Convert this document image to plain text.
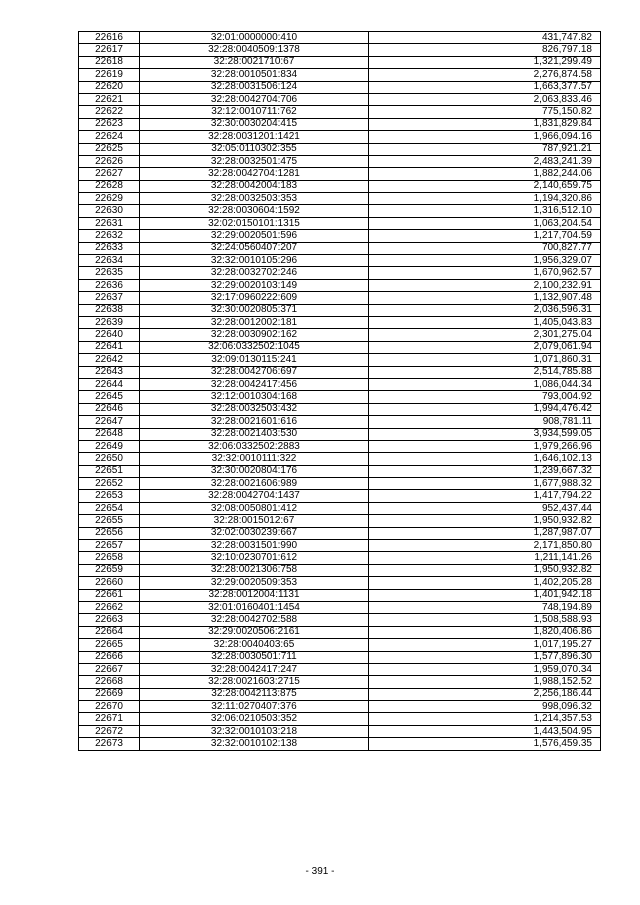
22616	32:01:0000000:410	431,747.82
22617	32:28:0040509:1378	826,797.18
22618	32:28:0021710:67	1,321,299.49
22619	32:28:0010501:834	2,276,874.58
22620	32:28:0031506:124	1,663,377.57
22621	32:28:0042704:706	2,063,833.46
22622	32:12:0010711:762	775,150.82
22623	32:30:0030204:415	1,831,829.84
22624	32:28:0031201:1421	1,966,094.16
22625	32:05:0110302:355	787,921.21
22626	32:28:0032501:475	2,483,241.39
22627	32:28:0042704:1281	1,882,244.06
22628	32:28:0042004:183	2,140,659.75
22629	32:28:0032503:353	1,194,320.86
22630	32:28:0030604:1592	1,316,512.10
22631	32:02:0150101:1315	1,063,204.54
22632	32:29:0020501:596	1,217,704.59
22633	32:24:0560407:207	700,827.77
22634	32:32:0010105:296	1,956,329.07
22635	32:28:0032702:246	1,670,962.57
22636	32:29:0020103:149	2,100,232.91
22637	32:17:0960222:609	1,132,907.48
22638	32:30:0020805:371	2,036,596.31
22639	32:28:0012002:181	1,405,043.83
22640	32:28:0030902:162	2,301,275.04
22641	32:06:0332502:1045	2,079,061.94
22642	32:09:0130115:241	1,071,860.31
22643	32:28:0042706:697	2,514,785.88
22644	32:28:0042417:456	1,086,044.34
22645	32:12:0010304:168	793,004.92
22646	32:28:0032503:432	1,994,476.42
22647	32:28:0021601:616	908,781.11
22648	32:28:0021403:530	3,934,599.05
22649	32:06:0332502:2883	1,979,266.96
22650	32:32:0010111:322	1,646,102.13
22651	32:30:0020804:176	1,239,667.32
22652	32:28:0021606:989	1,677,988.32
22653	32:28:0042704:1437	1,417,794.22
22654	32:08:0050801:412	952,437.44
22655	32:28:0015012:67	1,950,932.82
22656	32:02:0030239:667	1,287,987.07
22657	32:28:0031501:990	2,171,850.80
22658	32:10:0230701:612	1,211,141.26
22659	32:28:0021306:758	1,950,932.82
22660	32:29:0020509:353	1,402,205.28
22661	32:28:0012004:1131	1,401,942.18
22662	32:01:0160401:1454	748,194.89
22663	32:28:0042702:588	1,508,588.93
22664	32:29:0020506:2161	1,820,406.86
22665	32:28:0040403:65	1,017,195.27
22666	32:28:0030501:711	1,577,896.30
22667	32:28:0042417:247	1,959,070.34
22668	32:28:0021603:2715	1,988,152.52
22669	32:28:0042113:875	2,256,186.44
22670	32:11:0270407:376	998,096.32
22671	32:06:0210503:352	1,214,357.53
22672	32:32:0010103:218	1,443,504.95
22673	32:32:0010102:138	1,576,459.35
- 391 -
